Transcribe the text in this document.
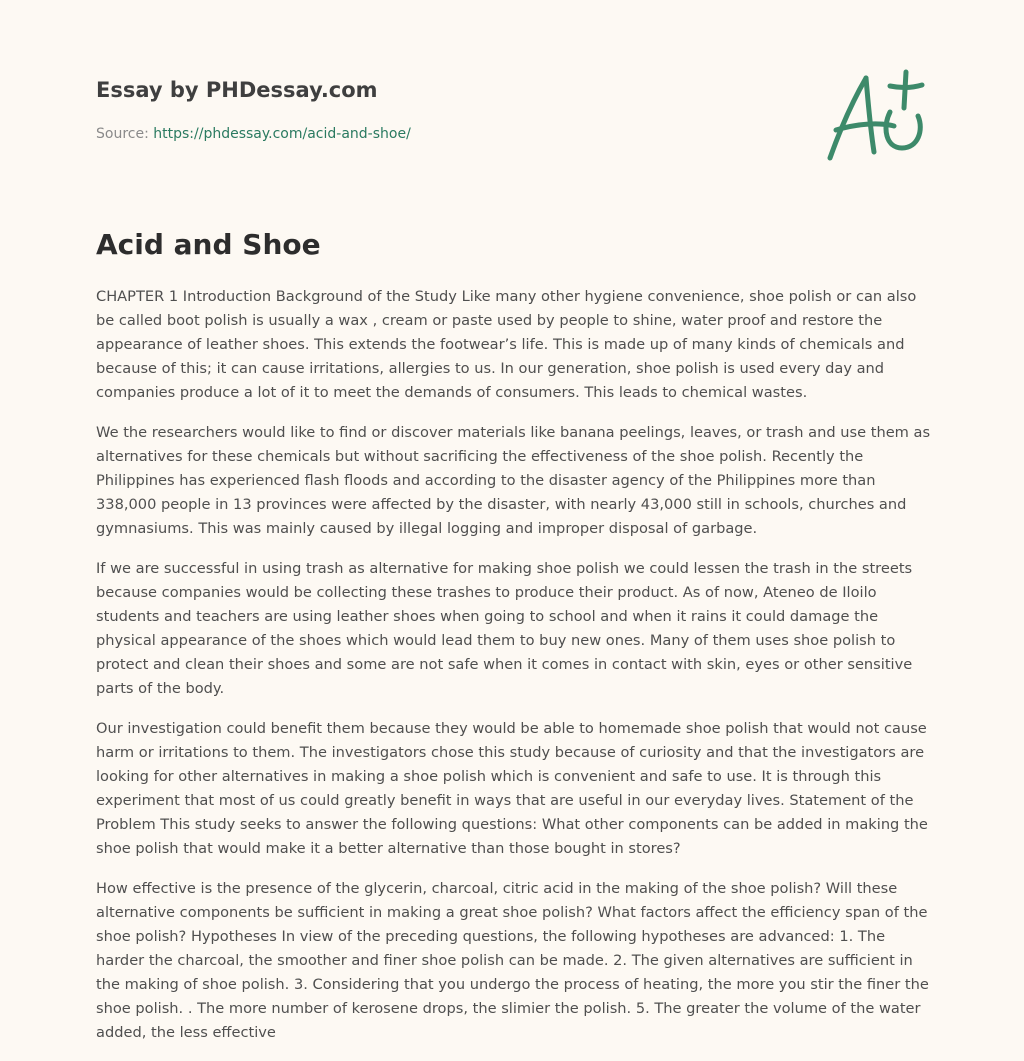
Essay by PHDessay.com
Source: https://phdessay.com/acid-and-shoe/
Acid and Shoe

CHAPTER 1 Introduction Background of the Study Like many other hygiene convenience, shoe polish or can also be called boot polish is usually a wax , cream or paste used by people to shine, water proof and restore the appearance of leather shoes. This extends the footwear’s life. This is made up of many kinds of chemicals and because of this; it can cause irritations, allergies to us. In our generation, shoe polish is used every day and companies produce a lot of it to meet the demands of consumers. This leads to chemical wastes.

We the researchers would like to find or discover materials like banana peelings, leaves, or trash and use them as alternatives for these chemicals but without sacrificing the effectiveness of the shoe polish. Recently the Philippines has experienced flash floods and according to the disaster agency of the Philippines more than 338,000 people in 13 provinces were affected by the disaster, with nearly 43,000 still in schools, churches and gymnasiums. This was mainly caused by illegal logging and improper disposal of garbage.

If we are successful in using trash as alternative for making shoe polish we could lessen the trash in the streets because companies would be collecting these trashes to produce their product. As of now, Ateneo de Iloilo students and teachers are using leather shoes when going to school and when it rains it could damage the physical appearance of the shoes which would lead them to buy new ones. Many of them uses shoe polish to protect and clean their shoes and some are not safe when it comes in contact with skin, eyes or other sensitive parts of the body.

Our investigation could benefit them because they would be able to homemade shoe polish that would not cause harm or irritations to them. The investigators chose this study because of curiosity and that the investigators are looking for other alternatives in making a shoe polish which is convenient and safe to use. It is through this experiment that most of us could greatly benefit in ways that are useful in our everyday lives. Statement of the Problem This study seeks to answer the following questions: What other components can be added in making the shoe polish that would make it a better alternative than those bought in stores?

How effective is the presence of the glycerin, charcoal, citric acid in the making of the shoe polish? Will these alternative components be sufficient in making a great shoe polish? What factors affect the efficiency span of the shoe polish? Hypotheses In view of the preceding questions, the following hypotheses are advanced: 1. The harder the charcoal, the smoother and finer shoe polish can be made. 2. The given alternatives are sufficient in the making of shoe polish. 3. Considering that you undergo the process of heating, the more you stir the finer the shoe polish. . The more number of kerosene drops, the slimier the polish. 5. The greater the volume of the water added, the less effective
